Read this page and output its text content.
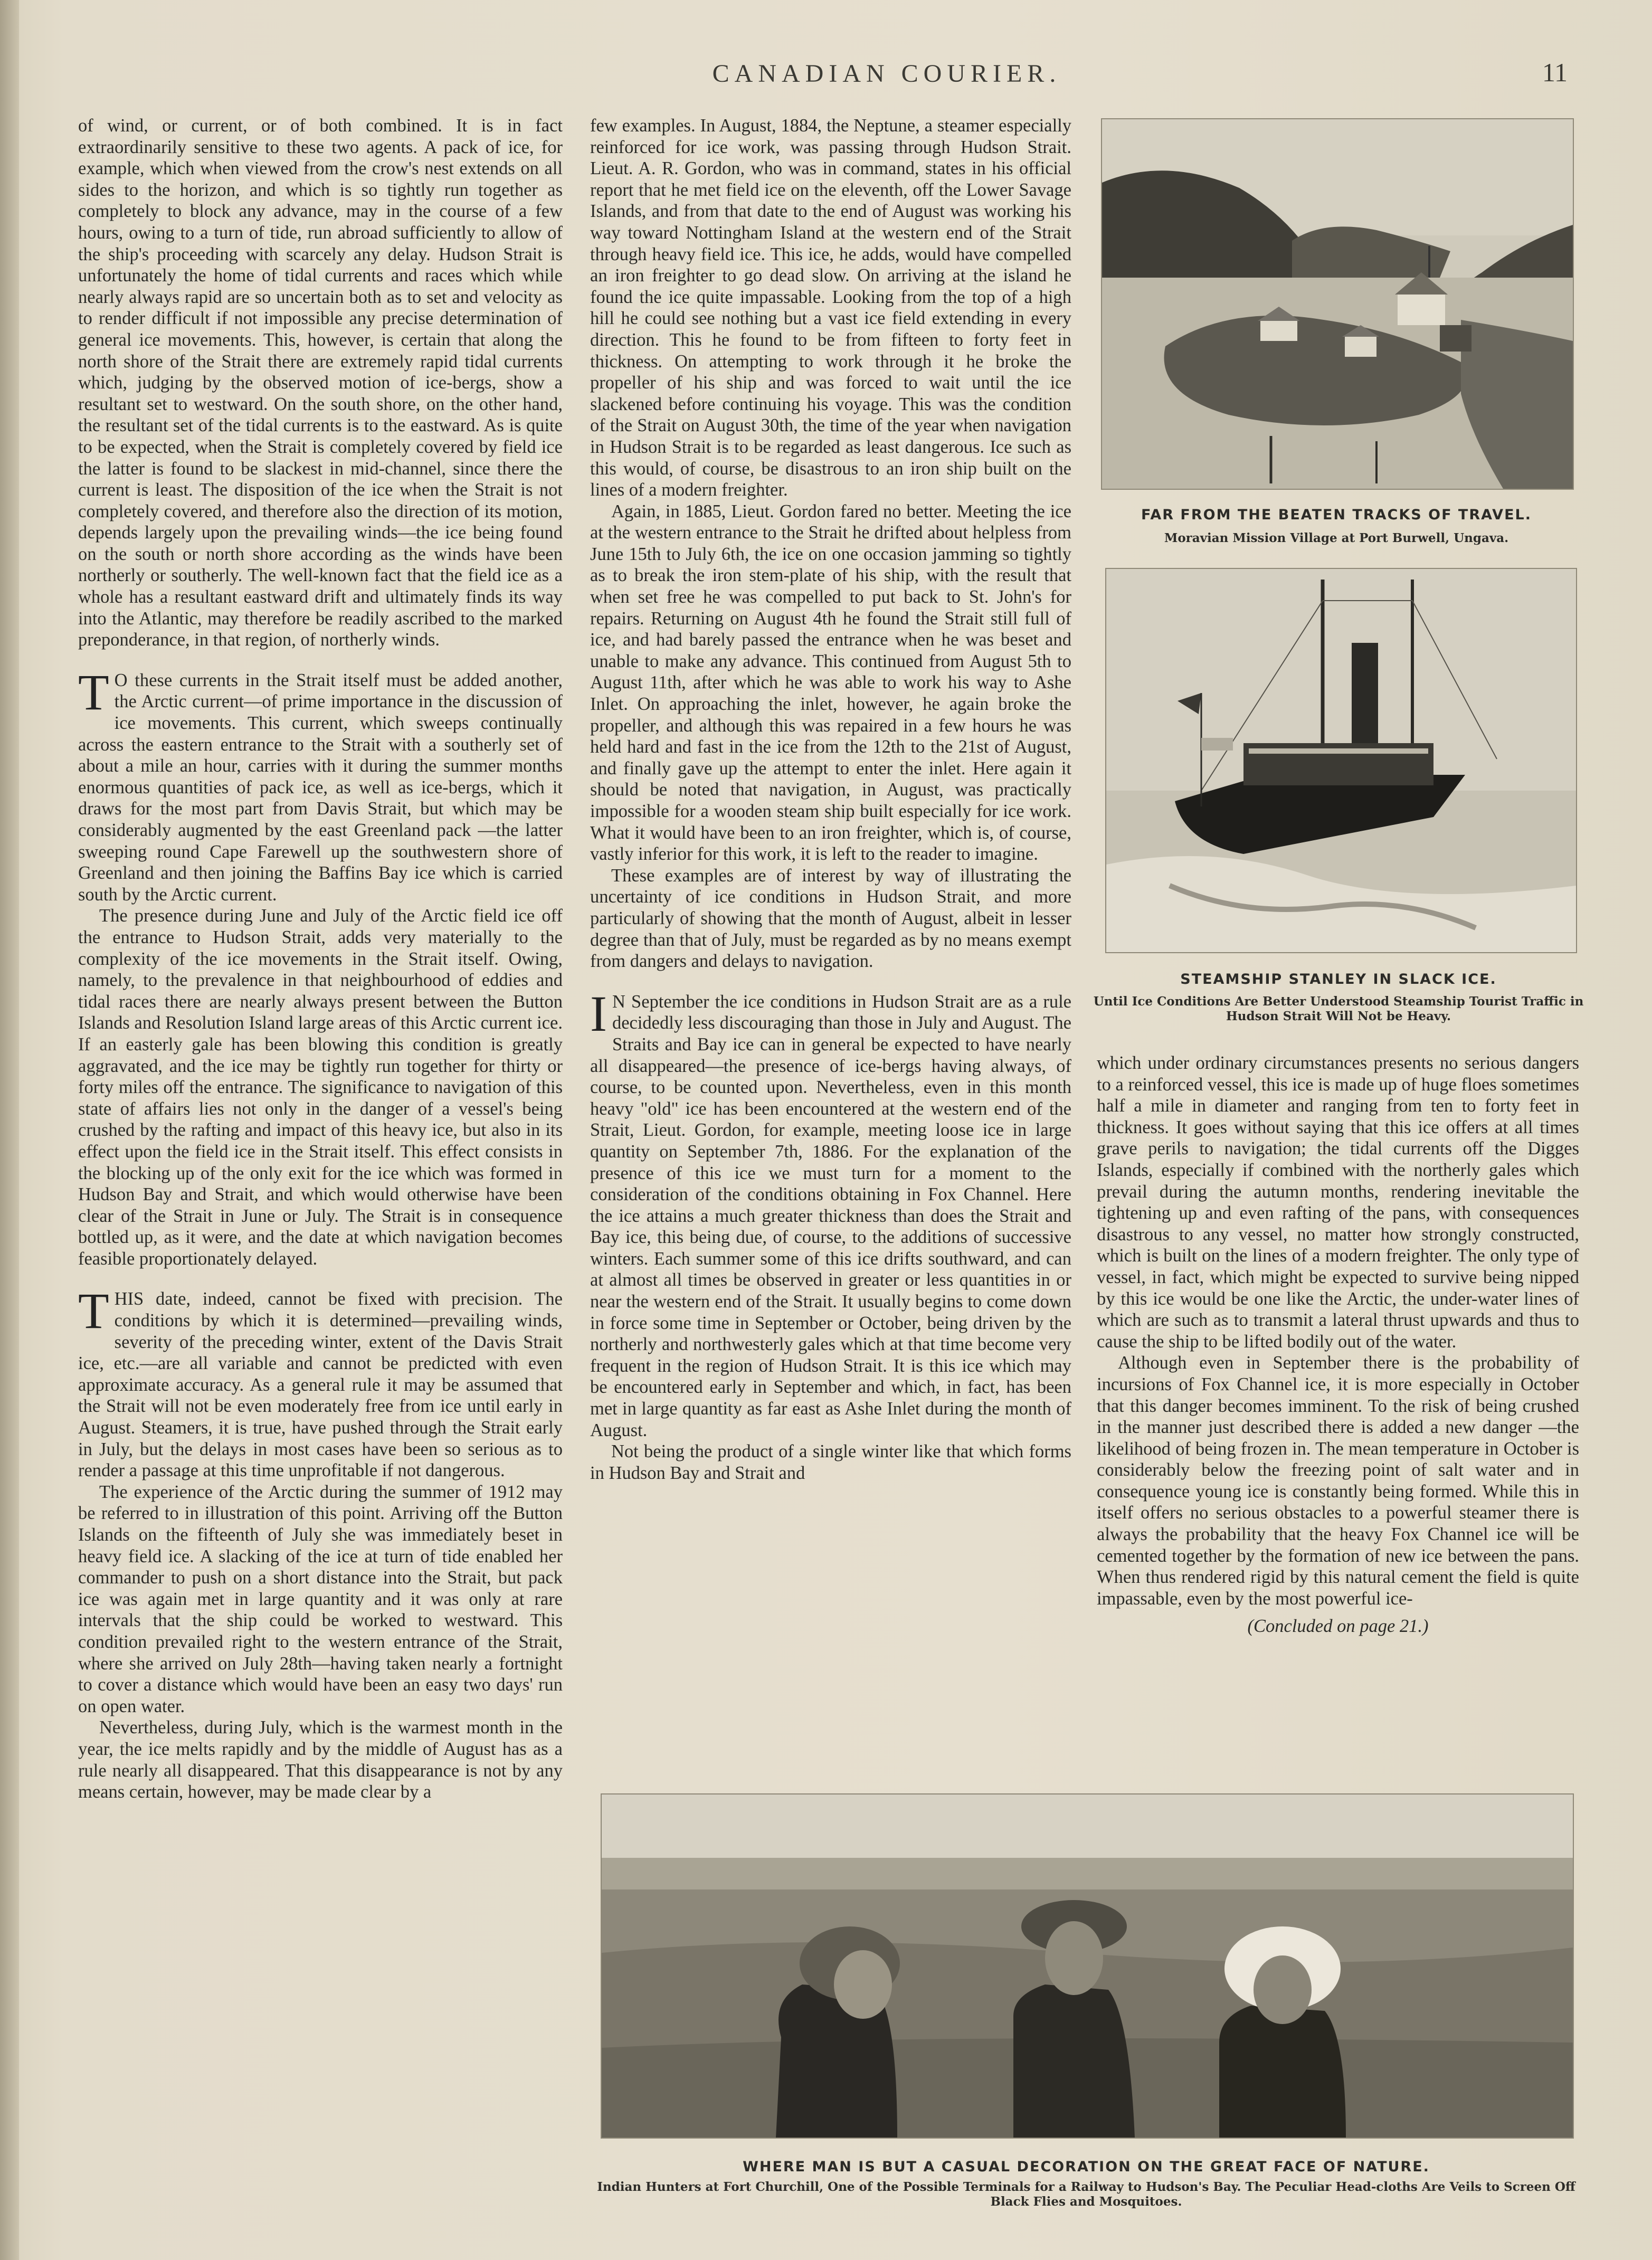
CANADIAN COURIER.	11

of wind, or current, or of both combined. It is in fact extraordinarily sensitive to these two agents. A pack of ice, for example, which when viewed from the crow's nest extends on all sides to the horizon, and which is so tightly run together as completely to block any advance, may in the course of a few hours, owing to a turn of tide, run abroad sufficiently to allow of the ship's proceeding with scarcely any delay. Hudson Strait is unfortunately the home of tidal currents and races which while nearly always rapid are so uncertain both as to set and velocity as to render difficult if not impossible any precise determination of general ice movements. This, however, is certain that along the north shore of the Strait there are extremely rapid tidal currents which, judging by the observed motion of ice-bergs, show a resultant set to westward. On the south shore, on the other hand, the resultant set of the tidal currents is to the eastward. As is quite to be expected, when the Strait is completely covered by field ice the latter is found to be slackest in mid-channel, since there the current is least. The disposition of the ice when the Strait is not completely covered, and therefore also the direction of its motion, depends largely upon the prevailing winds—the ice being found on the south or north shore according as the winds have been northerly or southerly. The well-known fact that the field ice as a whole has a resultant eastward drift and ultimately finds its way into the Atlantic, may therefore be readily ascribed to the marked preponderance, in that region, of northerly winds.

T O these currents in the Strait itself must be added another, the Arctic current—of prime importance in the discussion of ice movements. This current, which sweeps continually across the eastern entrance to the Strait with a southerly set of about a mile an hour, carries with it during the summer months enormous quantities of pack ice, as well as ice-bergs, which it draws for the most part from Davis Strait, but which may be considerably augmented by the east Greenland pack —the latter sweeping round Cape Farewell up the southwestern shore of Greenland and then joining the Baffins Bay ice which is carried south by the Arctic current.

The presence during June and July of the Arctic field ice off the entrance to Hudson Strait, adds very materially to the complexity of the ice movements in the Strait itself. Owing, namely, to the prevalence in that neighbourhood of eddies and tidal races there are nearly always present between the Button Islands and Resolution Island large areas of this Arctic current ice. If an easterly gale has been blowing this condition is greatly aggravated, and the ice may be tightly run together for thirty or forty miles off the entrance. The significance to navigation of this state of affairs lies not only in the danger of a vessel's being crushed by the rafting and impact of this heavy ice, but also in its effect upon the field ice in the Strait itself. This effect consists in the blocking up of the only exit for the ice which was formed in Hudson Bay and Strait, and which would otherwise have been clear of the Strait in June or July. The Strait is in consequence bottled up, as it were, and the date at which navigation becomes feasible proportionately delayed.

THIS date, indeed, cannot be fixed with precision. The conditions by which it is determined—prevailing winds, severity of the preceding winter, extent of the Davis Strait ice, etc.—are all variable and cannot be predicted with even approximate accuracy. As a general rule it may be assumed that the Strait will not be even moderately free from ice until early in August. Steamers, it is true, have pushed through the Strait early in July, but the delays in most cases have been so serious as to render a passage at this time unprofitable if not dangerous.

The experience of the Arctic during the summer of 1912 may be referred to in illustration of this point. Arriving off the Button Islands on the fifteenth of July she was immediately beset in heavy field ice. A slacking of the ice at turn of tide enabled her commander to push on a short distance into the Strait, but pack ice was again met in large quantity and it was only at rare intervals that the ship could be worked to westward. This condition prevailed right to the western entrance of the Strait, where she arrived on July 28th—having taken nearly a fortnight to cover a distance which would have been an easy two days' run on open water.

Nevertheless, during July, which is the warmest month in the year, the ice melts rapidly and by the middle of August has as a rule nearly all disappeared. That this disappearance is not by any means certain, however, may be made clear by a

few examples. In August, 1884, the Neptune, a steamer especially reinforced for ice work, was passing through Hudson Strait. Lieut. A. R. Gordon, who was in command, states in his official report that he met field ice on the eleventh, off the Lower Savage Islands, and from that date to the end of August was working his way toward Nottingham Island at the western end of the Strait through heavy field ice. This ice, he adds, would have compelled an iron freighter to go dead slow. On arriving at the island he found the ice quite impassable. Looking from the top of a high hill he could see nothing but a vast ice field extending in every direction. This he found to be from fifteen to forty feet in thickness. On attempting to work through it he broke the propeller of his ship and was forced to wait until the ice slackened before continuing his voyage. This was the condition of the Strait on August 30th, the time of the year when navigation in Hudson Strait is to be regarded as least dangerous. Ice such as this would, of course, be disastrous to an iron ship built on the lines of a modern freighter.

Again, in 1885, Lieut. Gordon fared no better. Meeting the ice at the western entrance to the Strait he drifted about helpless from June 15th to July 6th, the ice on one occasion jamming so tightly as to break the iron stem-plate of his ship, with the result that when set free he was compelled to put back to St. John's for repairs. Returning on August 4th he found the Strait still full of ice, and had barely passed the entrance when he was beset and unable to make any advance. This continued from August 5th to August 11th, after which he was able to work his way to Ashe Inlet. On approaching the inlet, however, he again broke the propeller, and although this was repaired in a few hours he was held hard and fast in the ice from the 12th to the 21st of August, and finally gave up the attempt to enter the inlet. Here again it should be noted that navigation, in August, was practically impossible for a wooden steam ship built especially for ice work. What it would have been to an iron freighter, which is, of course, vastly inferior for this work, it is left to the reader to imagine.

These examples are of interest by way of illustrating the uncertainty of ice conditions in Hudson Strait, and more particularly of showing that the month of August, albeit in lesser degree than that of July, must be regarded as by no means exempt from dangers and delays to navigation.

I N September the ice conditions in Hudson Strait are as a rule decidedly less discouraging than those in July and August. The Straits and Bay ice can in general be expected to have nearly all disappeared—the presence of ice-bergs having always, of course, to be counted upon. Nevertheless, even in this month heavy "old" ice has been encountered at the western end of the Strait, Lieut. Gordon, for example, meeting loose ice in large quantity on September 7th, 1886. For the explanation of the presence of this ice we must turn for a moment to the consideration of the conditions obtaining in Fox Channel. Here the ice attains a much greater thickness than does the Strait and Bay ice, this being due, of course, to the additions of successive winters. Each summer some of this ice drifts southward, and can at almost all times be observed in greater or less quantities in or near the western end of the Strait. It usually begins to come down in force some time in September or October, being driven by the northerly and northwesterly gales which at that time become very frequent in the region of Hudson Strait. It is this ice which may be encountered early in September and which, in fact, has been met in large quantity as far east as Ashe Inlet during the month of August.

Not being the product of a single winter like that which forms in Hudson Bay and Strait and

which under ordinary circumstances presents no serious dangers to a reinforced vessel, this ice is made up of huge floes sometimes half a mile in diameter and ranging from ten to forty feet in thickness. It goes without saying that this ice offers at all times grave perils to navigation; the tidal currents off the Digges Islands, especially if combined with the northerly gales which prevail during the autumn months, rendering inevitable the tightening up and even rafting of the pans, with consequences disastrous to any vessel, no matter how strongly constructed, which is built on the lines of a modern freighter. The only type of vessel, in fact, which might be expected to survive being nipped by this ice would be one like the Arctic, the under-water lines of which are such as to transmit a lateral thrust upwards and thus to cause the ship to be lifted bodily out of the water.

Although even in September there is the probability of incursions of Fox Channel ice, it is more especially in October that this danger becomes imminent. To the risk of being crushed in the manner just described there is added a new danger —the likelihood of being frozen in. The mean temperature in October is considerably below the freezing point of salt water and in consequence young ice is constantly being formed. While this in itself offers no serious obstacles to a powerful steamer there is always the probability that the heavy Fox Channel ice will be cemented together by the formation of new ice between the pans. When thus rendered rigid by this natural cement the field is quite impassable, even by the most powerful ice-

(Concluded on page 21.)

FAR FROM THE BEATEN TRACKS OF TRAVEL.
Moravian Mission Village at Port Burwell, Ungava.
STEAMSHIP STANLEY IN SLACK ICE.
Until Ice Conditions Are Better Understood Steamship Tourist Traffic in Hudson Strait Will Not be Heavy.
WHERE MAN IS BUT A CASUAL DECORATION ON THE GREAT FACE OF NATURE.
Indian Hunters at Fort Churchill, One of the Possible Terminals for a Railway to Hudson's Bay. The Peculiar Head-cloths Are Veils to Screen Off Black Flies and Mosquitoes.
